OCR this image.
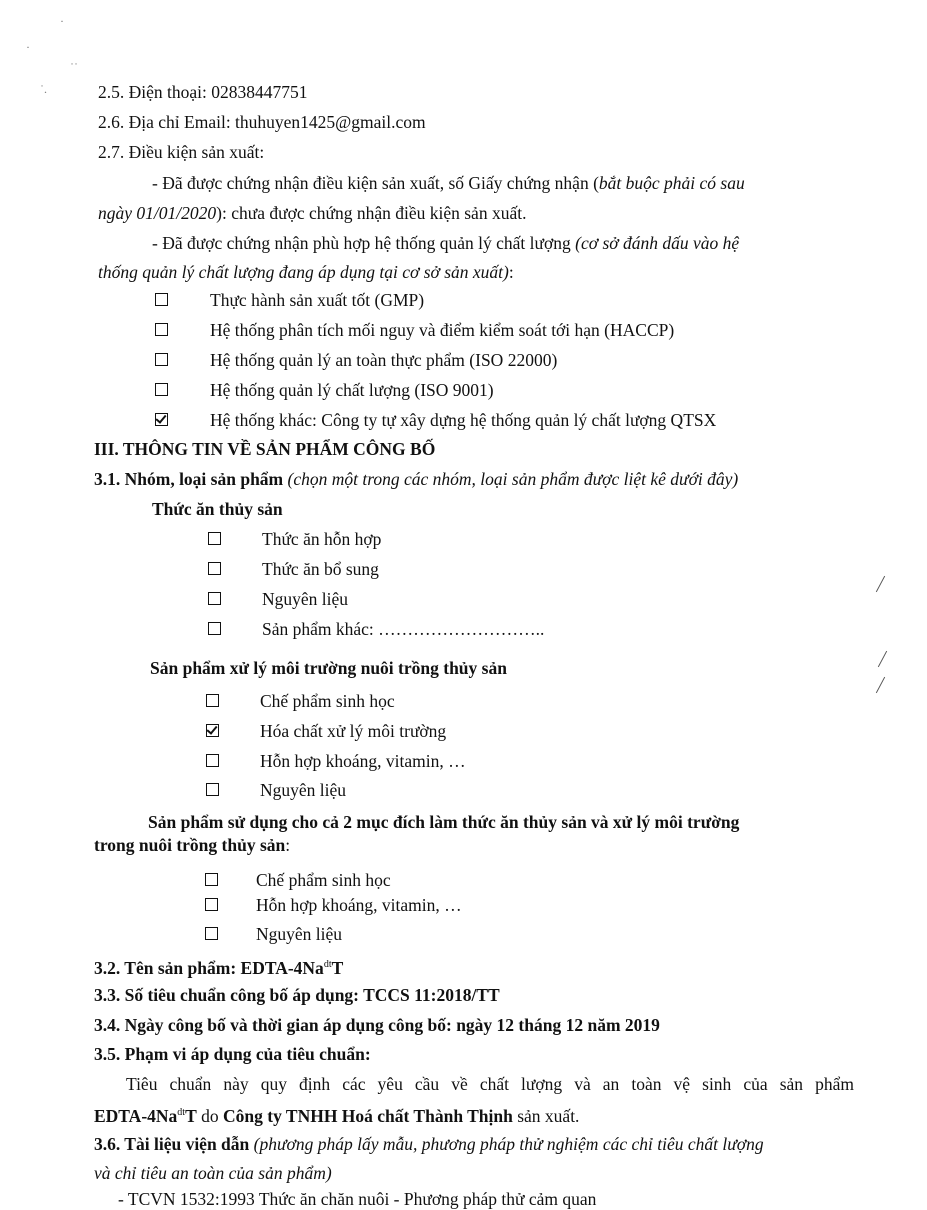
·
·
˙˙
˙.	2.5. Điện thoại: 02838447751
2.6. Địa chỉ Email: thuhuyen1425@gmail.com
2.7. Điều kiện sản xuất:
- Đã được chứng nhận điều kiện sản xuất, số Giấy chứng nhận (bắt buộc phải có sau
ngày 01/01/2020): chưa được chứng nhận điều kiện sản xuất.
- Đã được chứng nhận phù hợp hệ thống quản lý chất lượng (cơ sở đánh dấu vào hệ
thống quản lý chất lượng đang áp dụng tại cơ sở sản xuất):
Thực hành sản xuất tốt (GMP)
Hệ thống phân tích mối nguy và điểm kiểm soát tới hạn (HACCP)
Hệ thống quản lý an toàn thực phẩm (ISO 22000)
Hệ thống quản lý chất lượng (ISO 9001)
Hệ thống khác: Công ty tự xây dựng hệ thống quản lý chất lượng QTSX
III. THÔNG TIN VỀ SẢN PHẨM CÔNG BỐ
3.1. Nhóm, loại sản phẩm (chọn một trong các nhóm, loại sản phẩm được liệt kê dưới đây)
Thức ăn thủy sản
Thức ăn hỗn hợp
Thức ăn bổ sung
Nguyên liệu
Sản phẩm khác: ………………………..
Sản phẩm xử lý môi trường nuôi trồng thủy sản
Chế phẩm sinh học
Hóa chất xử lý môi trường
Hỗn hợp khoáng, vitamin, …
Nguyên liệu
Sản phẩm sử dụng cho cả 2 mục đích làm thức ăn thủy sản và xử lý môi trường
trong nuôi trồng thủy sản:
Chế phẩm sinh học
Hỗn hợp khoáng, vitamin, …
Nguyên liệu
3.2. Tên sản phẩm: EDTA-$4Na^{dt}T$
3.3. Số tiêu chuẩn công bố áp dụng: TCCS 11:2018/TT
3.4. Ngày công bố và thời gian áp dụng công bố: ngày 12 tháng 12 năm 2019
3.5. Phạm vi áp dụng của tiêu chuẩn:
Tiêu chuẩn này quy định các yêu cầu về chất lượng và an toàn vệ sinh của sản phẩm
EDTA-$4Na^{dt}T$ do Công ty TNHH Hoá chất Thành Thịnh sản xuất.
3.6. Tài liệu viện dẫn (phương pháp lấy mẫu, phương pháp thử nghiệm các chỉ tiêu chất lượng
và chỉ tiêu an toàn của sản phẩm)
- TCVN 1532:1993 Thức ăn chăn nuôi - Phương pháp thử cảm quan
